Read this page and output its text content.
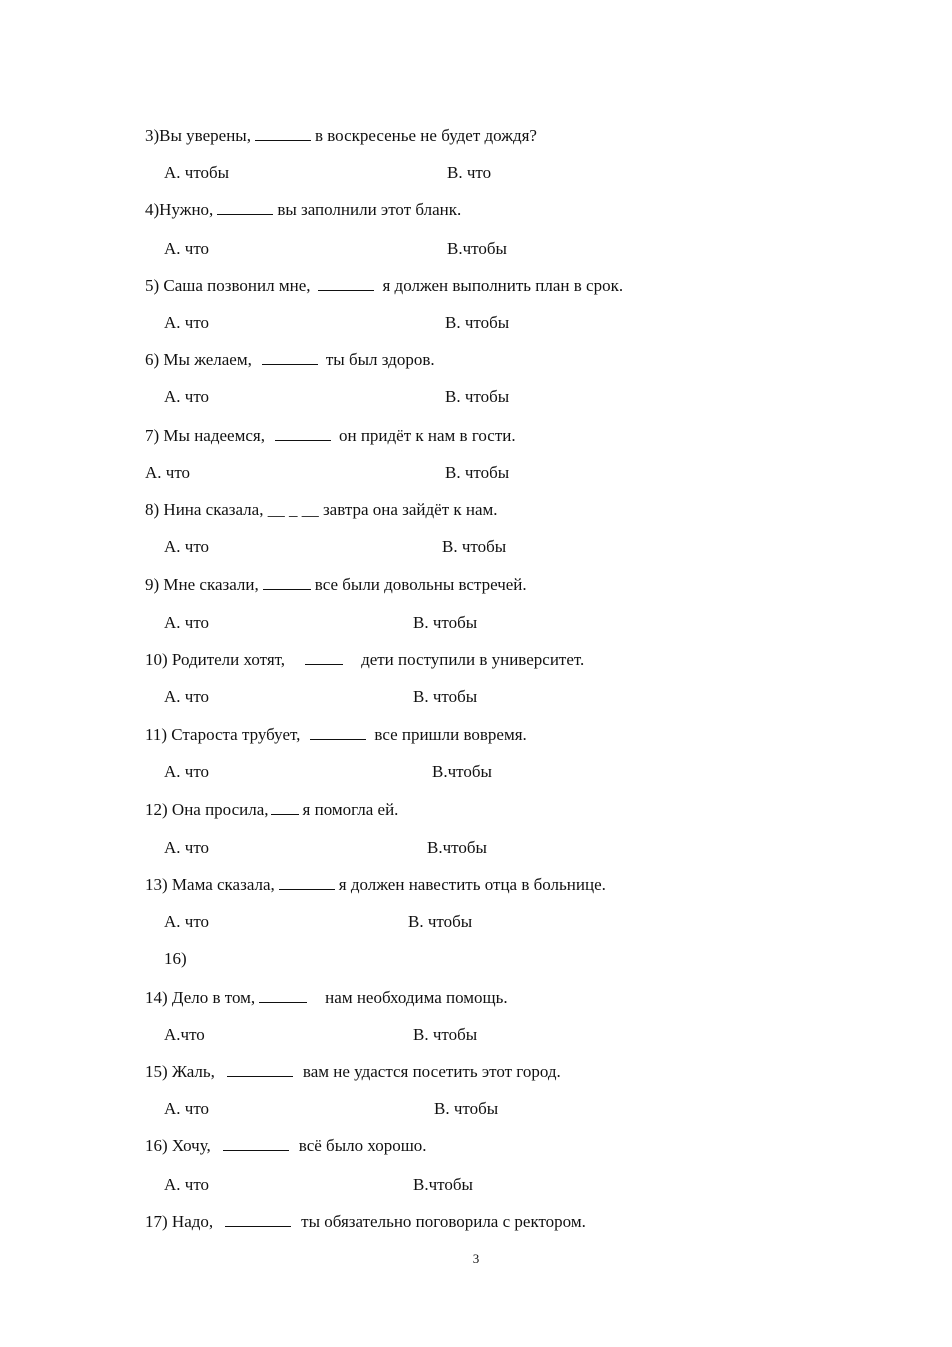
3)Вы уверены,	в воскресенье не будет дождя?
А. чтобы	В. что
4)Нужно,	вы заполнили этот бланк.
А. что	В.чтобы
5) Саша позвонил мне,	я должен выполнить план в срок.
А. что	В. чтобы
6) Мы желаем,	ты был здоров.
А. что	В. чтобы
7) Мы надеемся,	он придёт к нам в гости.
А. что	В. чтобы
8) Нина сказала, __ _ __ завтра она зайдёт к нам.
А. что	В. чтобы
9) Мне сказали,	все были довольны встречей.
А. что	В. чтобы
10) Родители хотят,	дети поступили в университет.
А. что	В. чтобы
11) Староста трубует,	все пришли вовремя.
А. что	В.чтобы
12) Она просила, я помогла ей.
А. что	В.чтобы
13) Мама сказала,	я должен навестить отца в больнице.
А. что	В. чтобы
16)
14) Дело в том,	нам необходима помощь.
А.что	В. чтобы
15) Жаль,	вам не удастся посетить этот город.
А. что	В. чтобы
16) Хочу,	всё было хорошо.
А. что	В.чтобы
17) Надо,	ты обязательно поговорила с ректором.
3
